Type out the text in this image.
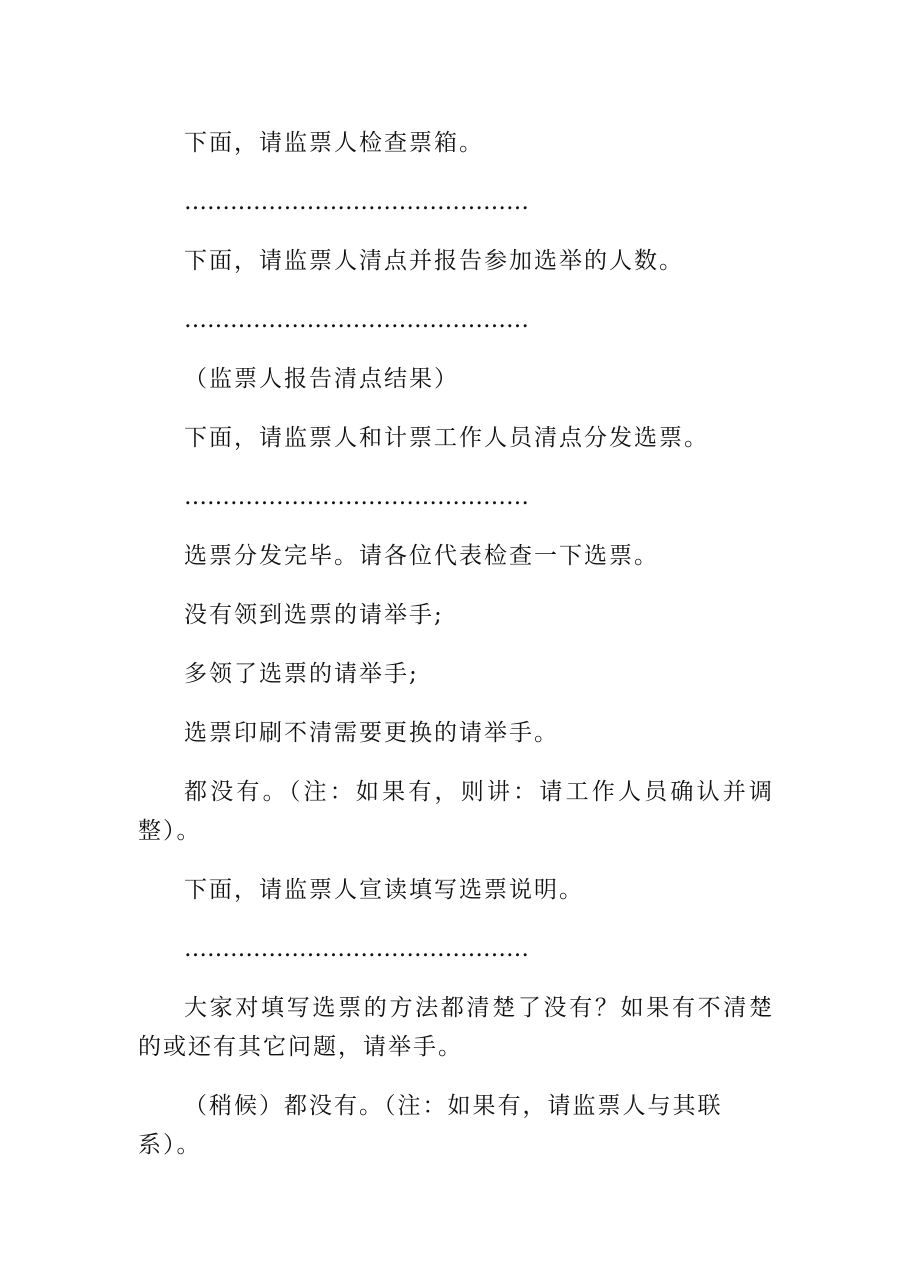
下面，请监票人检查票箱。

………………………………………

下面，请监票人清点并报告参加选举的人数。

………………………………………

（监票人报告清点结果）

下面，请监票人和计票工作人员清点分发选票。

………………………………………

选票分发完毕。请各位代表检查一下选票。

没有领到选票的请举手;

多领了选票的请举手;

选票印刷不清需要更换的请举手。

都没有。（注：如果有，则讲：请工作人员确认并调整）。

下面，请监票人宣读填写选票说明。

………………………………………

大家对填写选票的方法都清楚了没有？如果有不清楚的或还有其它问题，请举手。

（稍候）都没有。（注：如果有，请监票人与其联系）。
